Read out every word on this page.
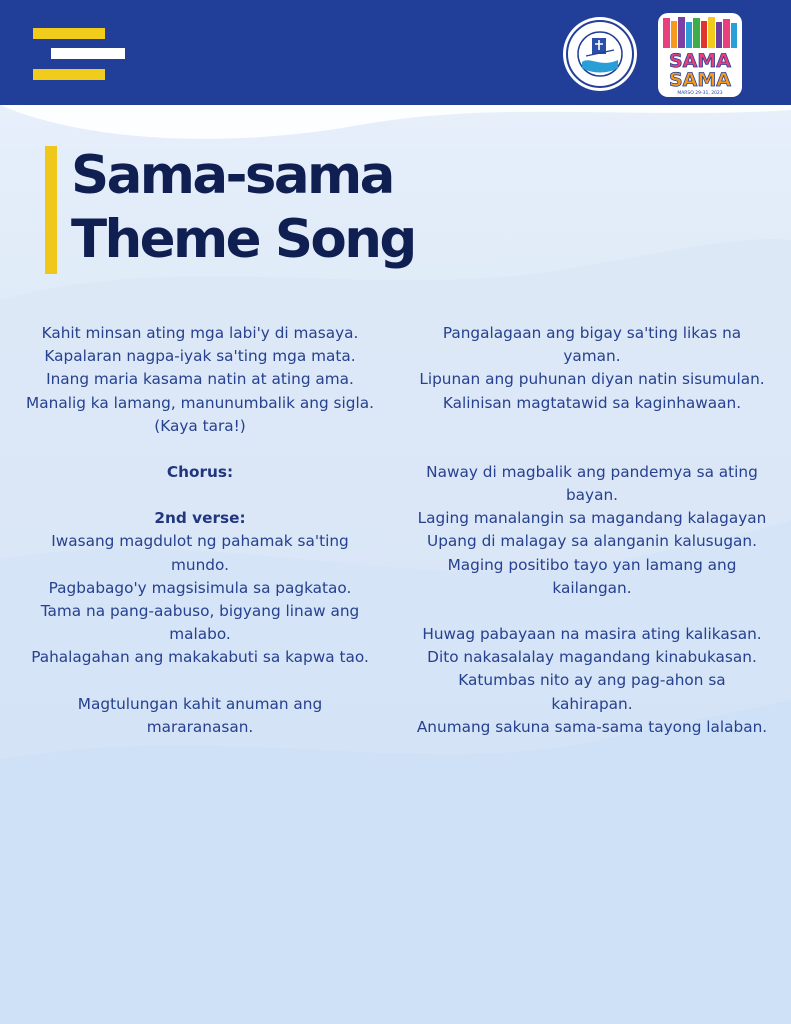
SAMA
SAMA
MARSO 29-31, 2023
Sama-sama
Theme Song

Kahit minsan ating mga labi'y di masaya.

Kapalaran nagpa-iyak sa'ting mga mata.

Inang maria kasama natin at ating ama.

Manalig ka lamang, manunumbalik ang sigla.

(Kaya tara!)

Chorus:

2nd verse:

Iwasang magdulot ng pahamak sa'ting

mundo.

Pagbabago'y magsisimula sa pagkatao.

Tama na pang-aabuso, bigyang linaw ang

malabo.

Pahalagahan ang makakabuti sa kapwa tao.

Magtulungan kahit anuman ang

mararanasan.

Pangalagaan ang bigay sa'ting likas na

yaman.

Lipunan ang puhunan diyan natin sisumulan.

Kalinisan magtatawid sa kaginhawaan.

Naway di magbalik ang pandemya sa ating

bayan.

Laging manalangin sa magandang kalagayan

Upang di malagay sa alanganin kalusugan.

Maging positibo tayo yan lamang ang

kailangan.

Huwag pabayaan na masira ating kalikasan.

Dito nakasalalay magandang kinabukasan.

Katumbas nito ay ang pag-ahon sa

kahirapan.

Anumang sakuna sama-sama tayong lalaban.
